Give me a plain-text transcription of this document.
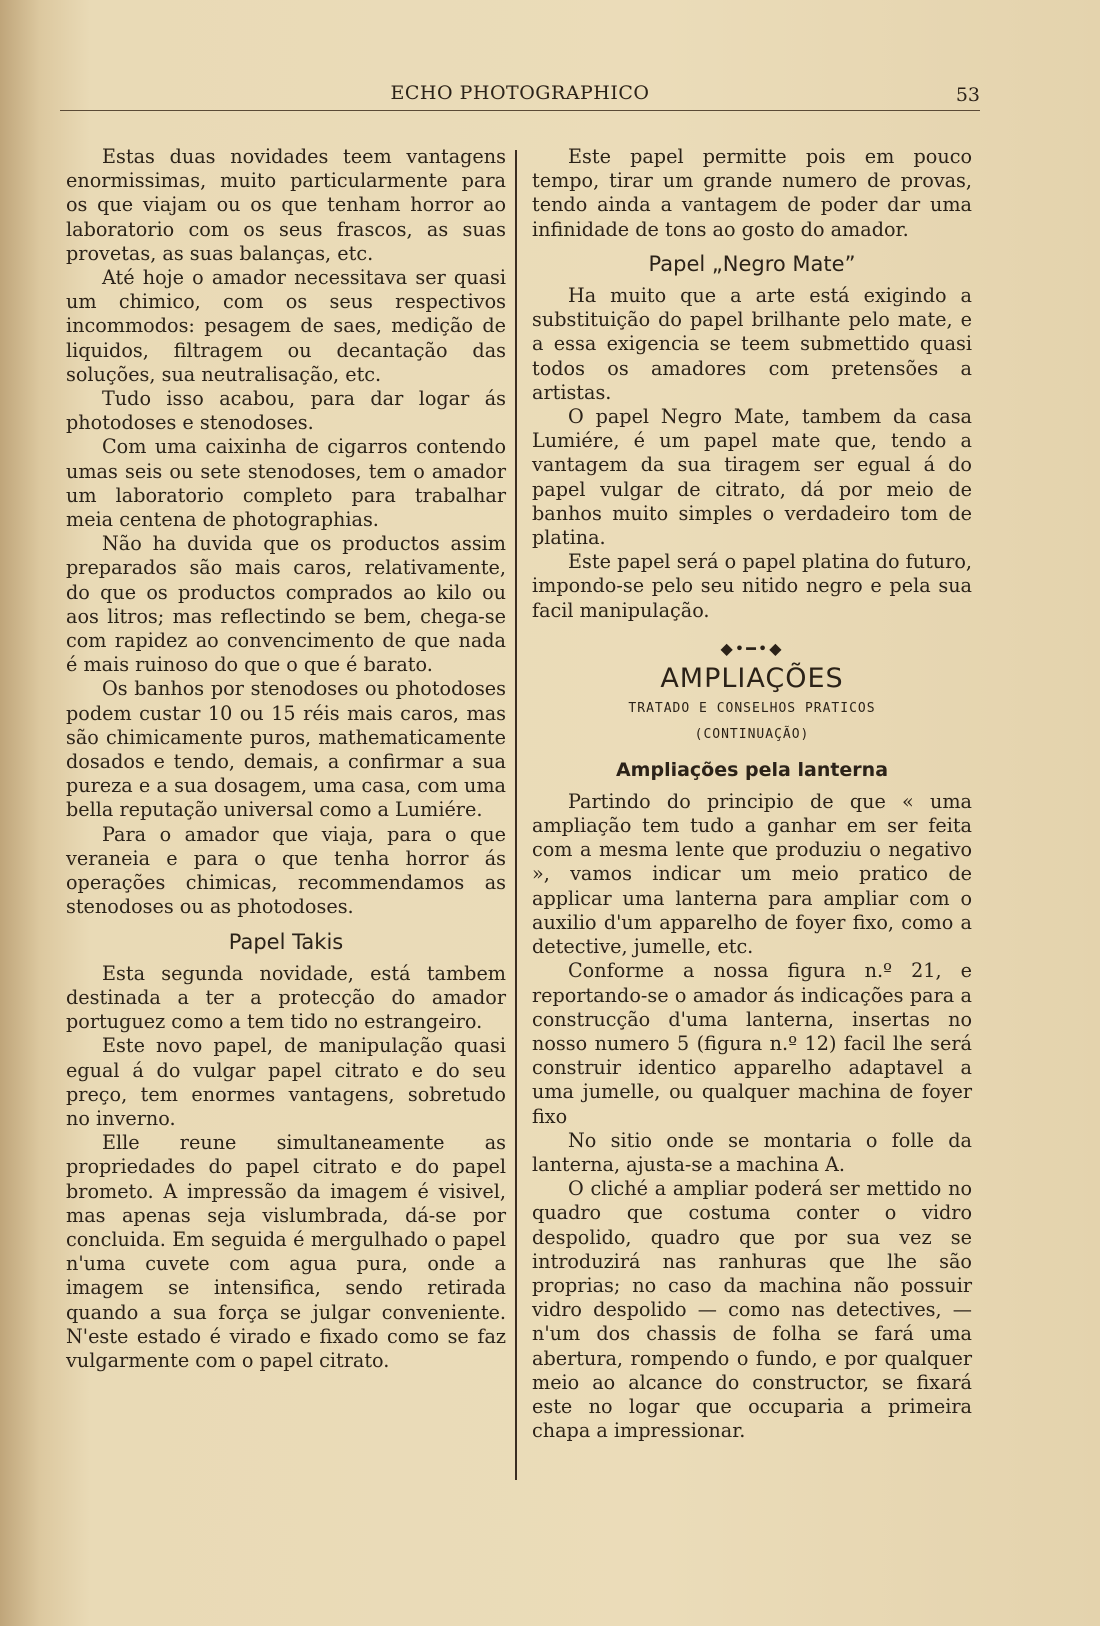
ECHO PHOTOGRAPHICO	53

Estas duas novidades teem vantagens enormissimas, muito particularmente para os que viajam ou os que tenham horror ao laboratorio com os seus frascos, as suas provetas, as suas balanças, etc.

Até hoje o amador necessitava ser quasi um chimico, com os seus respectivos incommodos: pesagem de saes, medição de liquidos, filtragem ou decantação das soluções, sua neutralisação, etc.

Tudo isso acabou, para dar logar ás photodoses e stenodoses.

Com uma caixinha de cigarros contendo umas seis ou sete stenodoses, tem o amador um laboratorio completo para trabalhar meia centena de photographias.

Não ha duvida que os productos assim preparados são mais caros, relativamente, do que os productos comprados ao kilo ou aos litros; mas reflectindo se bem, chega-se com rapidez ao convencimento de que nada é mais ruinoso do que o que é barato.

Os banhos por stenodoses ou photodoses podem custar 10 ou 15 réis mais caros, mas são chimicamente puros, mathematicamente dosados e tendo, demais, a confirmar a sua pureza e a sua dosagem, uma casa, com uma bella reputação universal como a Lumiére.

Para o amador que viaja, para o que veraneia e para o que tenha horror ás operações chimicas, recommendamos as stenodoses ou as photodoses.

Papel Takis

Esta segunda novidade, está tambem destinada a ter a protecção do amador portuguez como a tem tido no estrangeiro.

Este novo papel, de manipulação quasi egual á do vulgar papel citrato e do seu preço, tem enormes vantagens, sobretudo no inverno.

Elle reune simultaneamente as propriedades do papel citrato e do papel brometo. A impressão da imagem é visivel, mas apenas seja vislumbrada, dá-se por concluida. Em seguida é mergulhado o papel n'uma cuvete com agua pura, onde a imagem se intensifica, sendo retirada quando a sua força se julgar conveniente. N'este estado é virado e fixado como se faz vulgarmente com o papel citrato.

Este papel permitte pois em pouco tempo, tirar um grande numero de provas, tendo ainda a vantagem de poder dar uma infinidade de tons ao gosto do amador.

Papel „Negro Mate”

Ha muito que a arte está exigindo a substituição do papel brilhante pelo mate, e a essa exigencia se teem submettido quasi todos os amadores com pretensões a artistas.

O papel Negro Mate, tambem da casa Lumiére, é um papel mate que, tendo a vantagem da sua tiragem ser egual á do papel vulgar de citrato, dá por meio de banhos muito simples o verdadeiro tom de platina.

Este papel será o papel platina do futuro, impondo-se pelo seu nitido negro e pela sua facil manipulação.

◆•━•◆
AMPLIAÇÕES
TRATADO E CONSELHOS PRATICOS
(CONTINUAÇÃO)
Ampliações pela lanterna

Partindo do principio de que « uma ampliação tem tudo a ganhar em ser feita com a mesma lente que produziu o negativo », vamos indicar um meio pratico de applicar uma lanterna para ampliar com o auxilio d'um apparelho de foyer fixo, como a detective, jumelle, etc.

Conforme a nossa figura n.º 21, e reportando-se o amador ás indicações para a construcção d'uma lanterna, insertas no nosso numero 5 (figura n.º 12) facil lhe será construir identico apparelho adaptavel a uma jumelle, ou qualquer machina de foyer fixo

No sitio onde se montaria o folle da lanterna, ajusta-se a machina A.

O cliché a ampliar poderá ser mettido no quadro que costuma conter o vidro despolido, quadro que por sua vez se introduzirá nas ranhuras que lhe são proprias; no caso da machina não possuir vidro despolido — como nas detectives, — n'um dos chassis de folha se fará uma abertura, rompendo o fundo, e por qualquer meio ao alcance do constructor, se fixará este no logar que occuparia a primeira chapa a impressionar.
